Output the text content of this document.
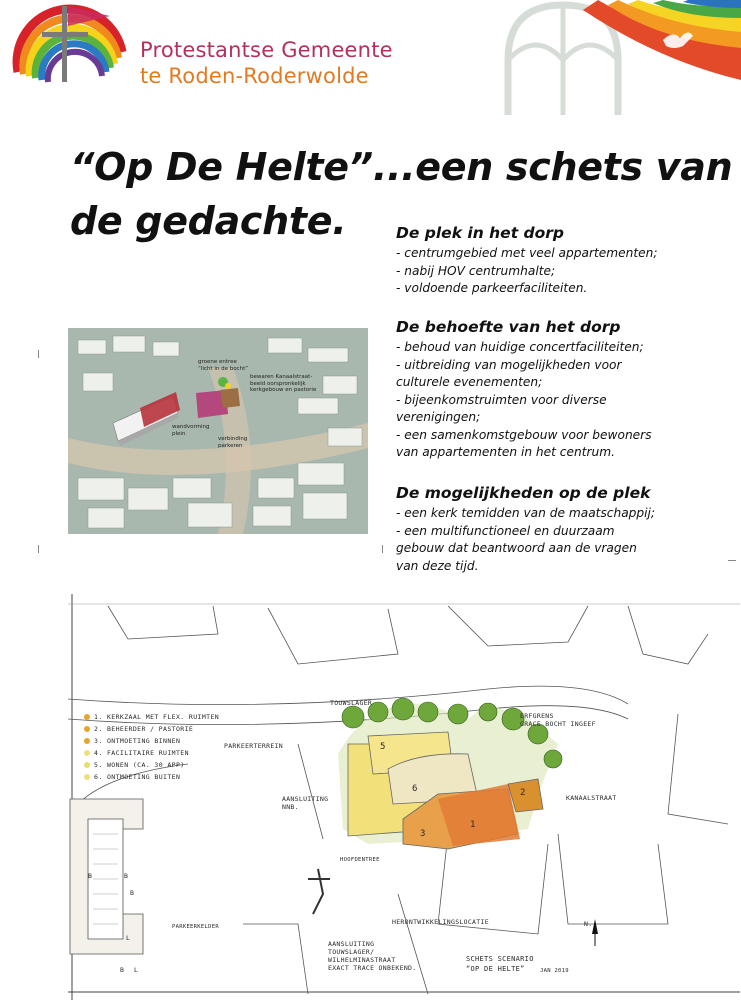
Protestantse Gemeente
te Roden-Roderwolde
“Op De Helte”...een schets van
de gedachte.	De plek in het dorp
- centrumgebied met veel appartementen;
- nabij HOV centrumhalte;
- voldoende parkeerfaciliteiten.
De behoefte van het dorp
- behoud van huidige concertfaciliteiten;
- uitbreiding van mogelijkheden voor
culturele evenementen;
- bijeenkomstruimten voor diverse
verenigingen;
- een samenkomstgebouw voor bewoners
van appartementen in het centrum.
De mogelijkheden op de plek
- een kerk temidden van de maatschappij;
- een multifunctioneel en duurzaam
gebouw dat beantwoord aan de vragen
van deze tijd.
groene entree
“licht in de bocht”
bewaren Kanaalstraat-
beeld oorspronkelijk
kerkgebouw en pastorie
wandvorming
plein
verbinding
parkeren
5
6
3
1
2
B	B
B
L
B L
1. KERKZAAL MET FLEX. RUIMTEN
2. BEHEERDER / PASTORIE
3. ONTMOETING BINNEN
4. FACILITAIRE RUIMTEN
5. WONEN (CA. 30 APP)
6. ONTMOETING BUITEN
TOUWSLAGER
PARKEERTERREIN
AANSLUITING
NNB.
ERFGRENS
GRACE BOCHT INGEEF
KANAALSTRAAT
HOOFDENTREE
PARKEERKELDER
HERONTWIKKELINGSLOCATIE
AANSLUITING
TOUWSLAGER/
WILHELMINASTRAAT
EXACT TRACE ONBEKEND.
SCHETS SCENARIO
“OP DE HELTE”	JAN 2019
N.
